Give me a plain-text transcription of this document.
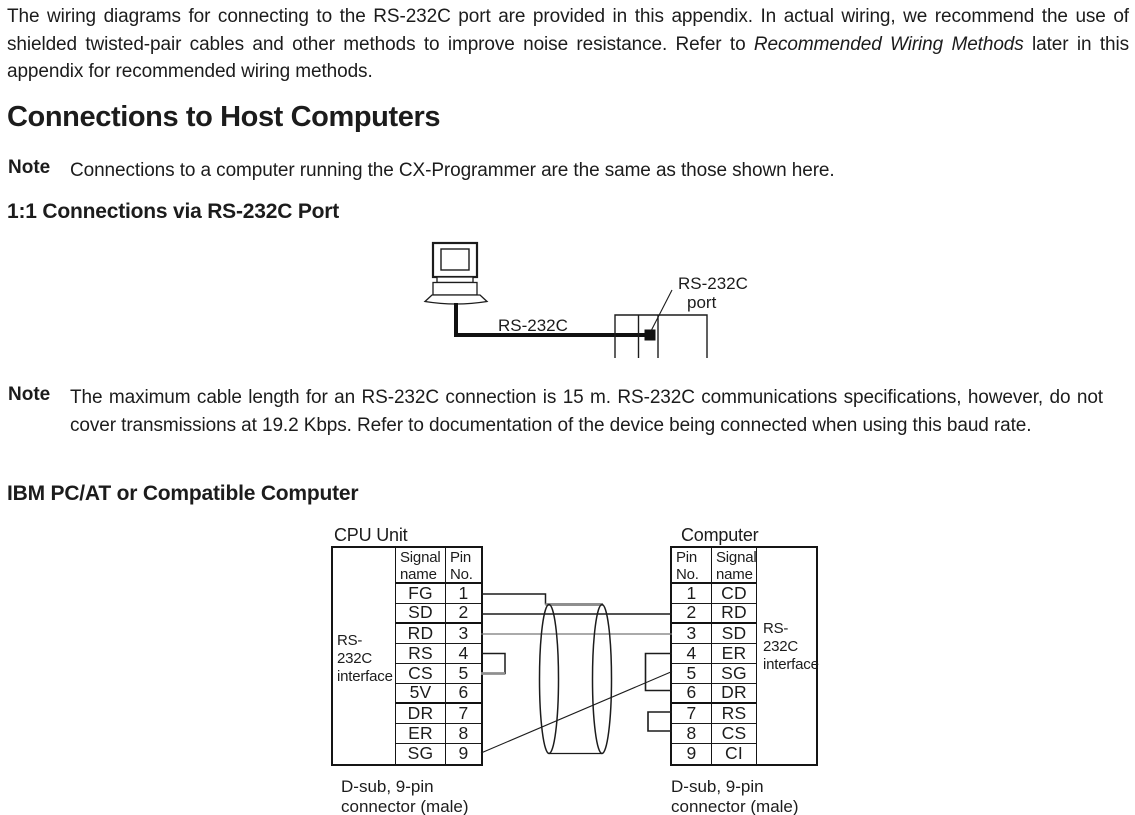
The wiring diagrams for connecting to the RS-232C port are provided in this appendix. In actual wiring, we recommend the use of shielded twisted-pair cables and other methods to improve noise resistance. Refer to Recommended Wiring Methods later in this appendix for recommended wiring methods.

Connections to Host Computers
Note	Connections to a computer running the CX-Programmer are the same as those shown here.
1:1 Connections via RS-232C Port
RS-232C
RS-232C
port
Note	The maximum cable length for an RS-232C connection is 15 m. RS-232C communications specifications, however, do not cover transmissions at 19.2 Kbps. Refer to documentation of the device being connected when using this baud rate.
IBM PC/AT or Compatible Computer
CPU Unit	Computer
RS-232C interface
Signal name
Pin No.
FG	1
SD	2
RD	3
RS	4
CS	5
5V	6
DR	7
ER	8
SG	9
RS-232C interface
Pin No.
Signal name
1	CD
2	RD
3	SD
4	ER
5	SG
6	DR
7	RS
8	CS
9	CI
D-sub, 9-pin
connector (male)
D-sub, 9-pin
connector (male)
